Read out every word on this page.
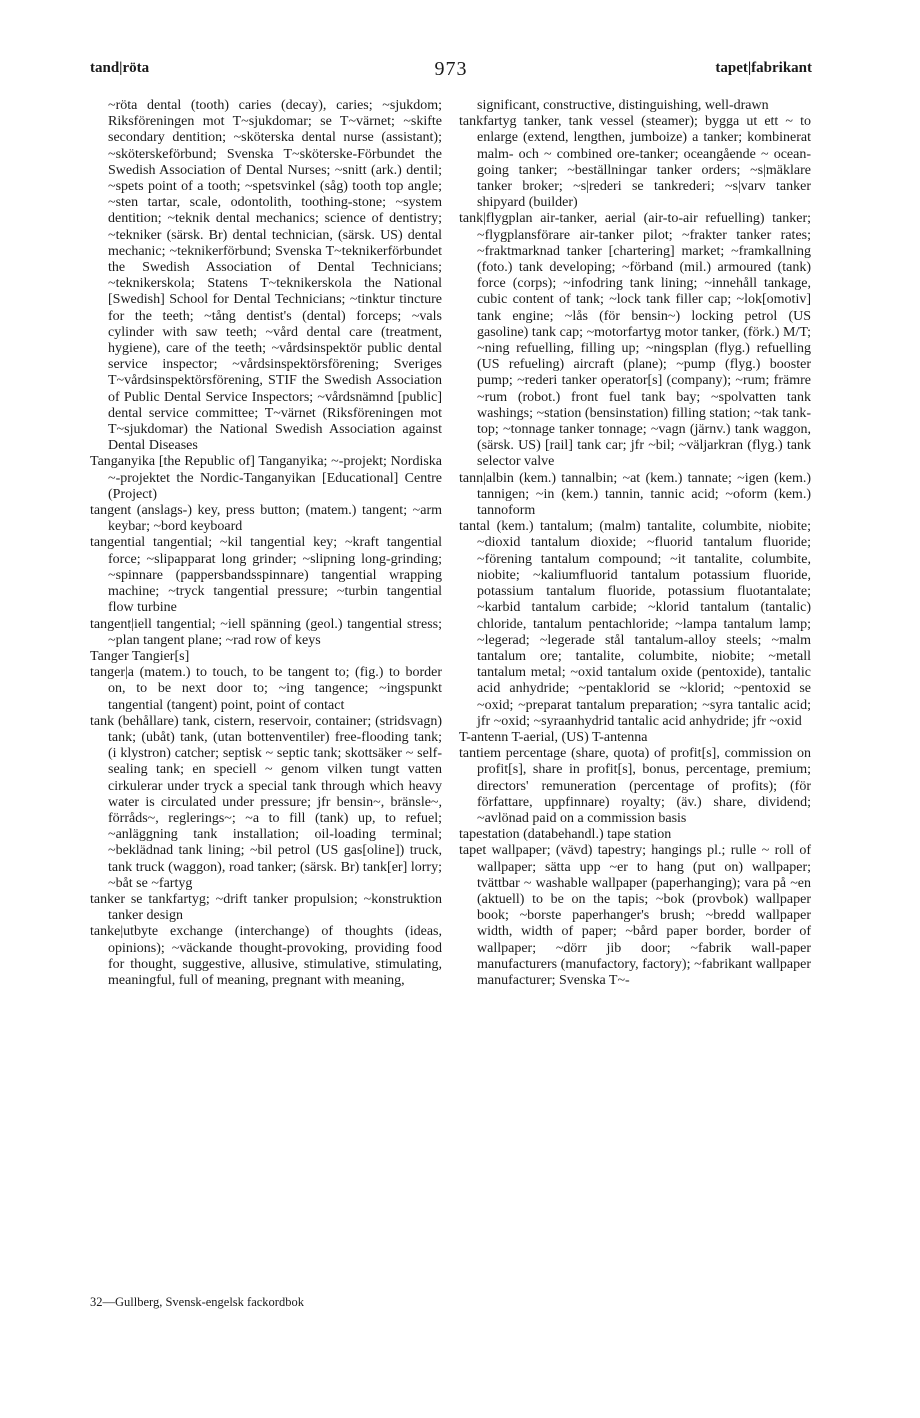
tand|röta	973	tapet|fabrikant

~röta dental (tooth) caries (decay), caries; ~sjukdom; Riksföreningen mot T~sjukdomar; se T~värnet; ~skifte secondary dentition; ~sköterska dental nurse (assistant); ~sköterskeförbund; Svenska T~sköterske-Förbundet the Swedish Association of Dental Nurses; ~snitt (ark.) dentil; ~spets point of a tooth; ~spetsvinkel (såg) tooth top angle; ~sten tartar, scale, odontolith, toothing-stone; ~system dentition; ~teknik dental mechanics; science of dentistry; ~tekniker (särsk. Br) dental technician, (särsk. US) dental mechanic; ~teknikerförbund; Svenska T~teknikerförbundet the Swedish Association of Dental Technicians; ~teknikerskola; Statens T~teknikerskola the National [Swedish] School for Dental Technicians; ~tinktur tincture for the teeth; ~tång dentist's (dental) forceps; ~vals cylinder with saw teeth; ~vård dental care (treatment, hygiene), care of the teeth; ~vårdsinspektör public dental service inspector; ~vårdsinspektörsförening; Sveriges T~vårdsinspektörsförening, STIF the Swedish Association of Public Dental Service Inspectors; ~vårdsnämnd [public] dental service committee; T~värnet (Riksföreningen mot T~sjukdomar) the National Swedish Association against Dental Diseases

Tanganyika [the Republic of] Tanganyika; ~-projekt; Nordiska ~-projektet the Nordic-Tanganyikan [Educational] Centre (Project)

tangent (anslags-) key, press button; (matem.) tangent; ~arm keybar; ~bord keyboard

tangential tangential; ~kil tangential key; ~kraft tangential force; ~slipapparat long grinder; ~slipning long-grinding; ~spinnare (pappersbandsspinnare) tangential wrapping machine; ~tryck tangential pressure; ~turbin tangential flow turbine

tangent|iell tangential; ~iell spänning (geol.) tangential stress; ~plan tangent plane; ~rad row of keys

Tanger Tangier[s]

tanger|a (matem.) to touch, to be tangent to; (fig.) to border on, to be next door to; ~ing tangence; ~ingspunkt tangential (tangent) point, point of contact

tank (behållare) tank, cistern, reservoir, container; (stridsvagn) tank; (ubåt) tank, (utan bottenventiler) free-flooding tank; (i klystron) catcher; septisk ~ septic tank; skottsäker ~ self-sealing tank; en speciell ~ genom vilken tungt vatten cirkulerar under tryck a special tank through which heavy water is circulated under pressure; jfr bensin~, bränsle~, förråds~, reglerings~; ~a to fill (tank) up, to refuel; ~anläggning tank installation; oil-loading terminal; ~beklädnad tank lining; ~bil petrol (US gas[oline]) truck, tank truck (waggon), road tanker; (särsk. Br) tank[er] lorry; ~båt se ~fartyg

tanker se tankfartyg; ~drift tanker propulsion; ~konstruktion tanker design

tanke|utbyte exchange (interchange) of thoughts (ideas, opinions); ~väckande thought-provoking, providing food for thought, suggestive, allusive, stimulative, stimulating, meaningful, full of meaning, pregnant with meaning,

significant, constructive, distinguishing, well-drawn

tankfartyg tanker, tank vessel (steamer); bygga ut ett ~ to enlarge (extend, lengthen, jumboize) a tanker; kombinerat malm- och ~ combined ore-tanker; oceangående ~ ocean-going tanker; ~beställningar tanker orders; ~s|mäklare tanker broker; ~s|rederi se tankrederi; ~s|varv tanker shipyard (builder)

tank|flygplan air-tanker, aerial (air-to-air refuelling) tanker; ~flygplansförare air-tanker pilot; ~frakter tanker rates; ~fraktmarknad tanker [chartering] market; ~framkallning (foto.) tank developing; ~förband (mil.) armoured (tank) force (corps); ~infodring tank lining; ~innehåll tankage, cubic content of tank; ~lock tank filler cap; ~lok[omotiv] tank engine; ~lås (för bensin~) locking petrol (US gasoline) tank cap; ~motorfartyg motor tanker, (förk.) M/T; ~ning refuelling, filling up; ~ningsplan (flyg.) refuelling (US refueling) aircraft (plane); ~pump (flyg.) booster pump; ~rederi tanker operator[s] (company); ~rum; främre ~rum (robot.) front fuel tank bay; ~spolvatten tank washings; ~station (bensinstation) filling station; ~tak tank-top; ~tonnage tanker tonnage; ~vagn (järnv.) tank waggon, (särsk. US) [rail] tank car; jfr ~bil; ~väljarkran (flyg.) tank selector valve

tann|albin (kem.) tannalbin; ~at (kem.) tannate; ~igen (kem.) tannigen; ~in (kem.) tannin, tannic acid; ~oform (kem.) tannoform

tantal (kem.) tantalum; (malm) tantalite, columbite, niobite; ~dioxid tantalum dioxide; ~fluorid tantalum fluoride; ~förening tantalum compound; ~it tantalite, columbite, niobite; ~kaliumfluorid tantalum potassium fluoride, potassium tantalum fluoride, potassium fluotantalate; ~karbid tantalum carbide; ~klorid tantalum (tantalic) chloride, tantalum pentachloride; ~lampa tantalum lamp; ~legerad; ~legerade stål tantalum-alloy steels; ~malm tantalum ore; tantalite, columbite, niobite; ~metall tantalum metal; ~oxid tantalum oxide (pentoxide), tantalic acid anhydride; ~pentaklorid se ~klorid; ~pentoxid se ~oxid; ~preparat tantalum preparation; ~syra tantalic acid; jfr ~oxid; ~syraanhydrid tantalic acid anhydride; jfr ~oxid

T-antenn T-aerial, (US) T-antenna

tantiem percentage (share, quota) of profit[s], commission on profit[s], share in profit[s], bonus, percentage, premium; directors' remuneration (percentage of profits); (för författare, uppfinnare) royalty; (äv.) share, dividend; ~avlönad paid on a commission basis

tapestation (databehandl.) tape station

tapet wallpaper; (vävd) tapestry; hangings pl.; rulle ~ roll of wallpaper; sätta upp ~er to hang (put on) wallpaper; tvättbar ~ washable wallpaper (paperhanging); vara på ~en (aktuell) to be on the tapis; ~bok (provbok) wallpaper book; ~borste paperhanger's brush; ~bredd wallpaper width, width of paper; ~bård paper border, border of wallpaper; ~dörr jib door; ~fabrik wall-paper manufacturers (manufactory, factory); ~fabrikant wallpaper manufacturer; Svenska T~-

32—Gullberg, Svensk-engelsk fackordbok
